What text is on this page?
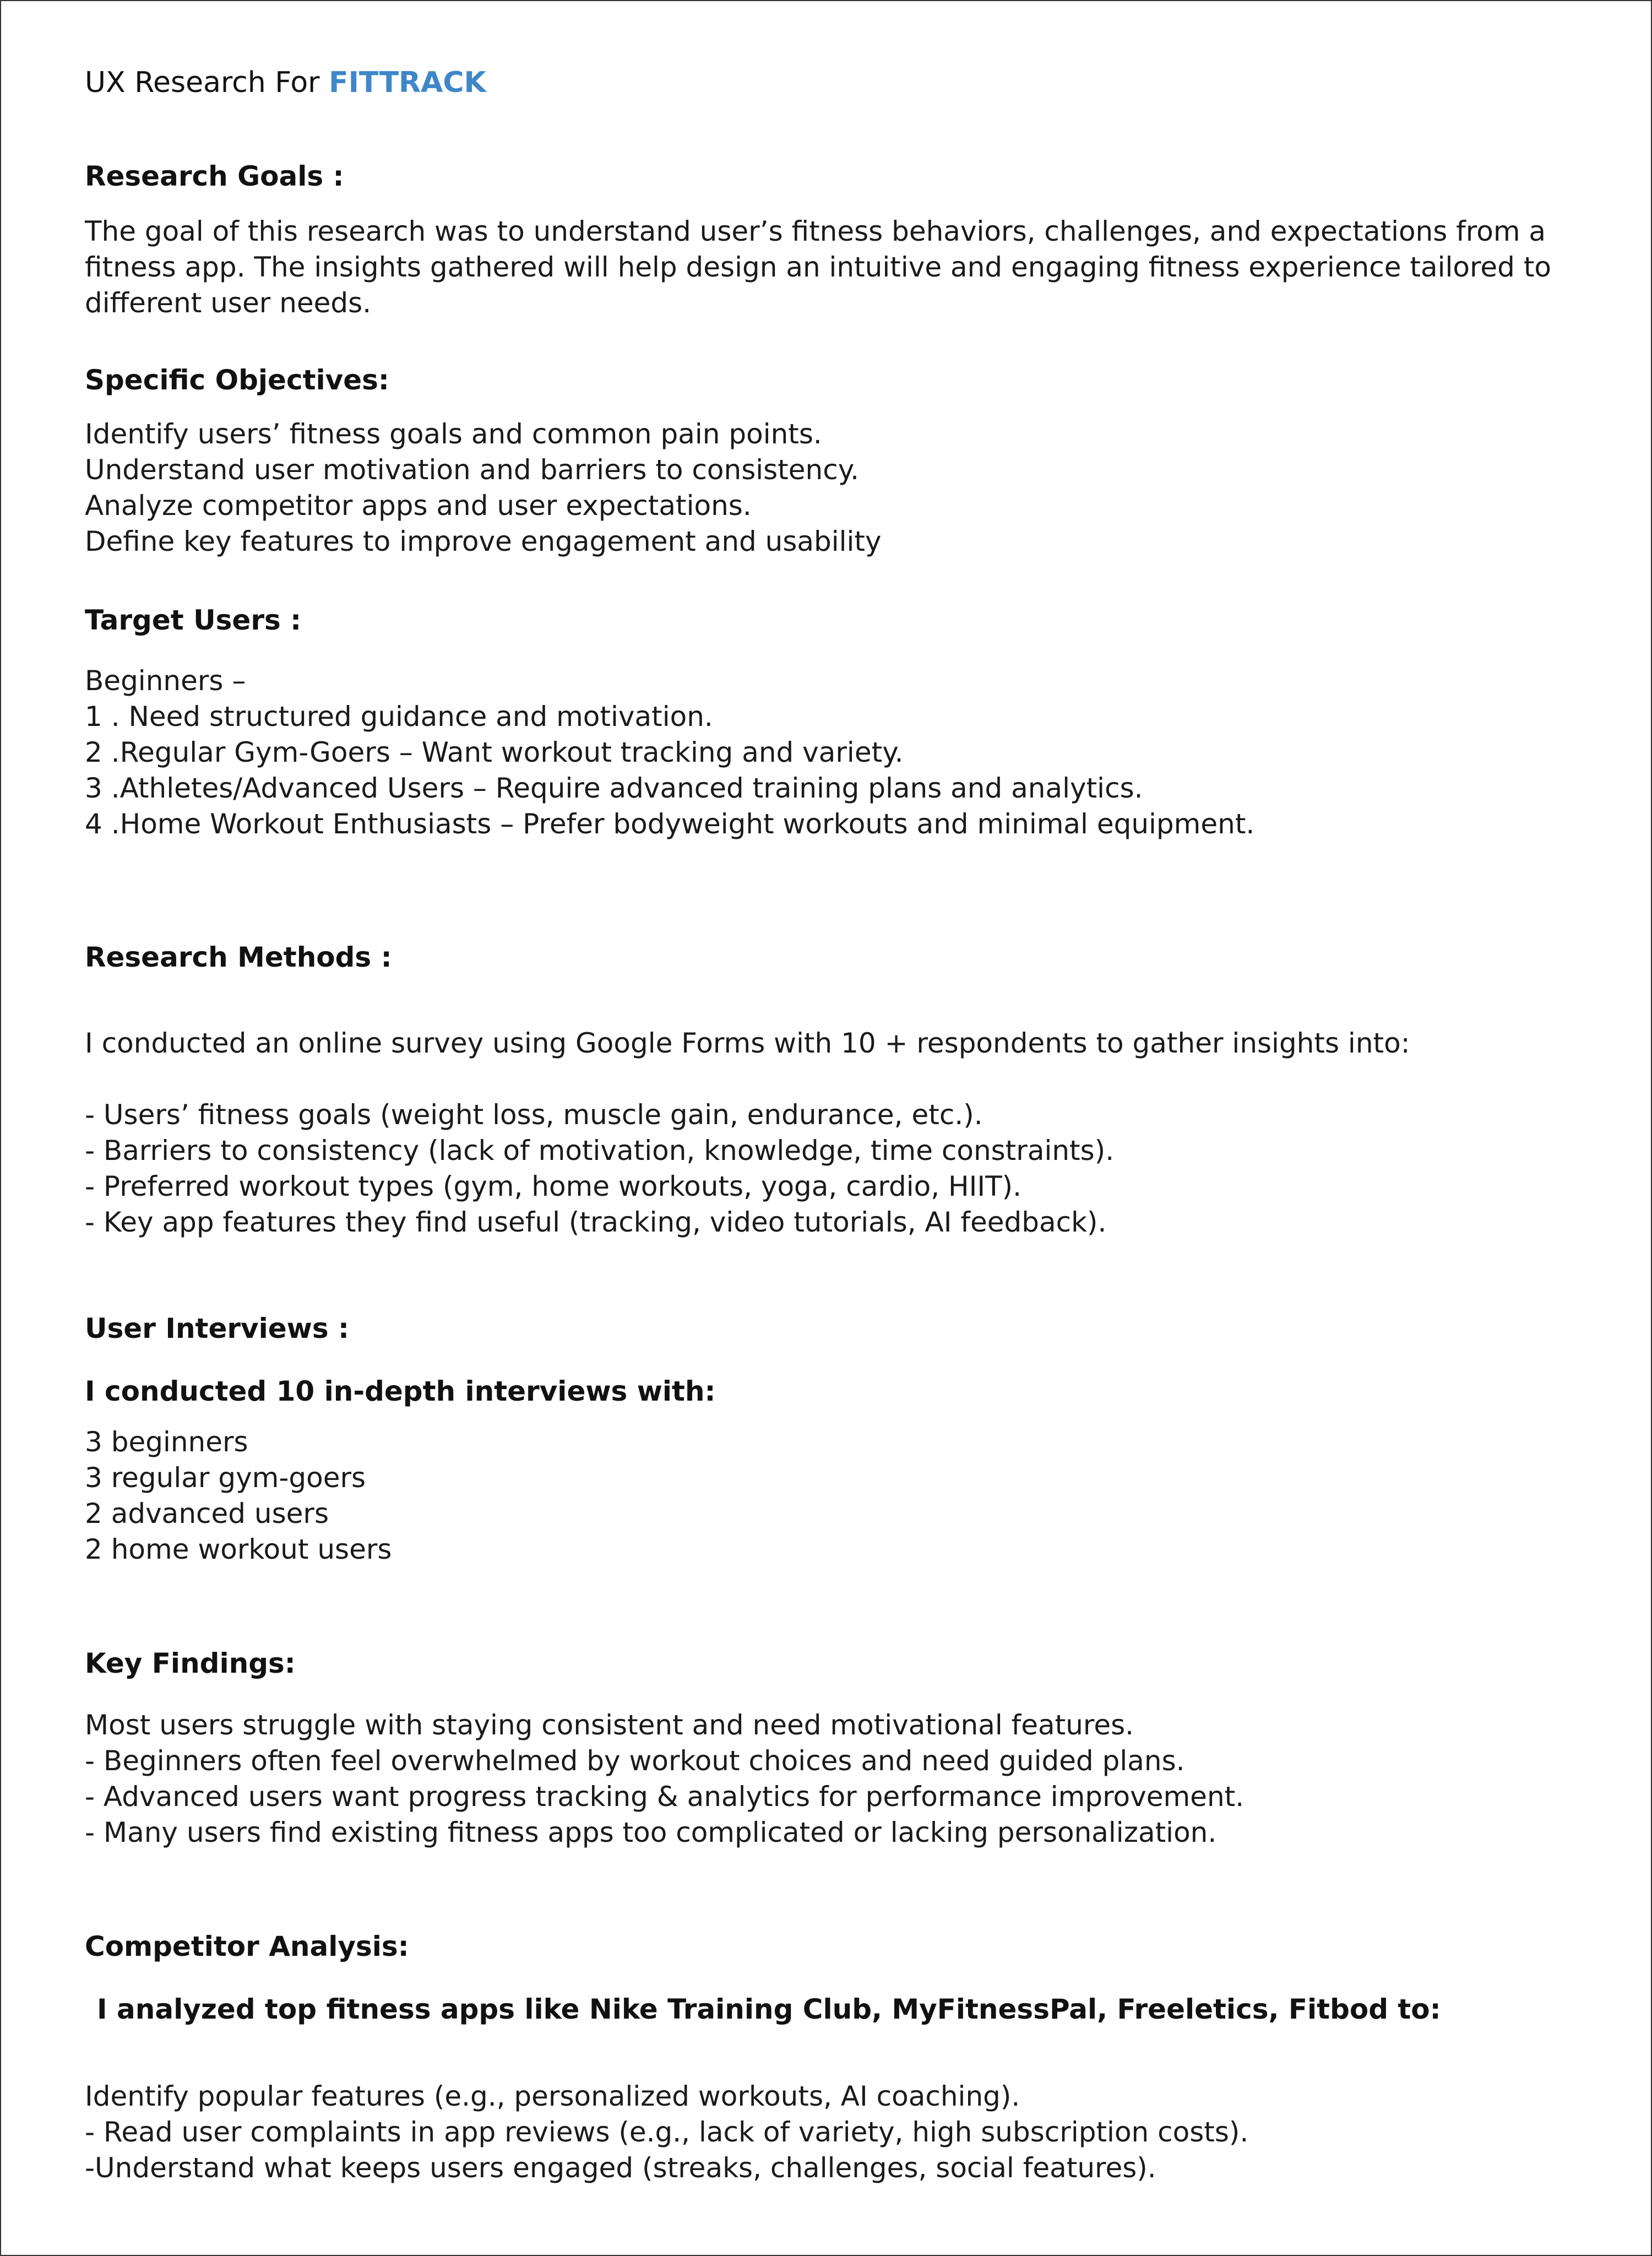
UX Research For FITTRACK

Research Goals :

The goal of this research was to understand user’s fitness behaviors, challenges, and expectations from a fitness app. The insights gathered will help design an intuitive and engaging fitness experience tailored to different user needs.

Specific Objectives:
Identify users’ fitness goals and common pain points.
Understand user motivation and barriers to consistency.
Analyze competitor apps and user expectations.
Define key features to improve engagement and usability
Target Users :
Beginners –
1 . Need structured guidance and motivation.
2 .Regular Gym-Goers – Want workout tracking and variety.
3 .Athletes/Advanced Users – Require advanced training plans and analytics.
4 .Home Workout Enthusiasts – Prefer bodyweight workouts and minimal equipment.
Research Methods :

I conducted an online survey using Google Forms with 10 + respondents to gather insights into:

- Users’ fitness goals (weight loss, muscle gain, endurance, etc.).
- Barriers to consistency (lack of motivation, knowledge, time constraints).
- Preferred workout types (gym, home workouts, yoga, cardio, HIIT).
- Key app features they find useful (tracking, video tutorials, AI feedback).
User Interviews :
I conducted 10 in-depth interviews with:
3 beginners
3 regular gym-goers
2 advanced users
2 home workout users
Key Findings:
Most users struggle with staying consistent and need motivational features.
- Beginners often feel overwhelmed by workout choices and need guided plans.
- Advanced users want progress tracking & analytics for performance improvement.
- Many users find existing fitness apps too complicated or lacking personalization.
Competitor Analysis:
I analyzed top fitness apps like Nike Training Club, MyFitnessPal, Freeletics, Fitbod to:
Identify popular features (e.g., personalized workouts, AI coaching).
- Read user complaints in app reviews (e.g., lack of variety, high subscription costs).
-Understand what keeps users engaged (streaks, challenges, social features).
